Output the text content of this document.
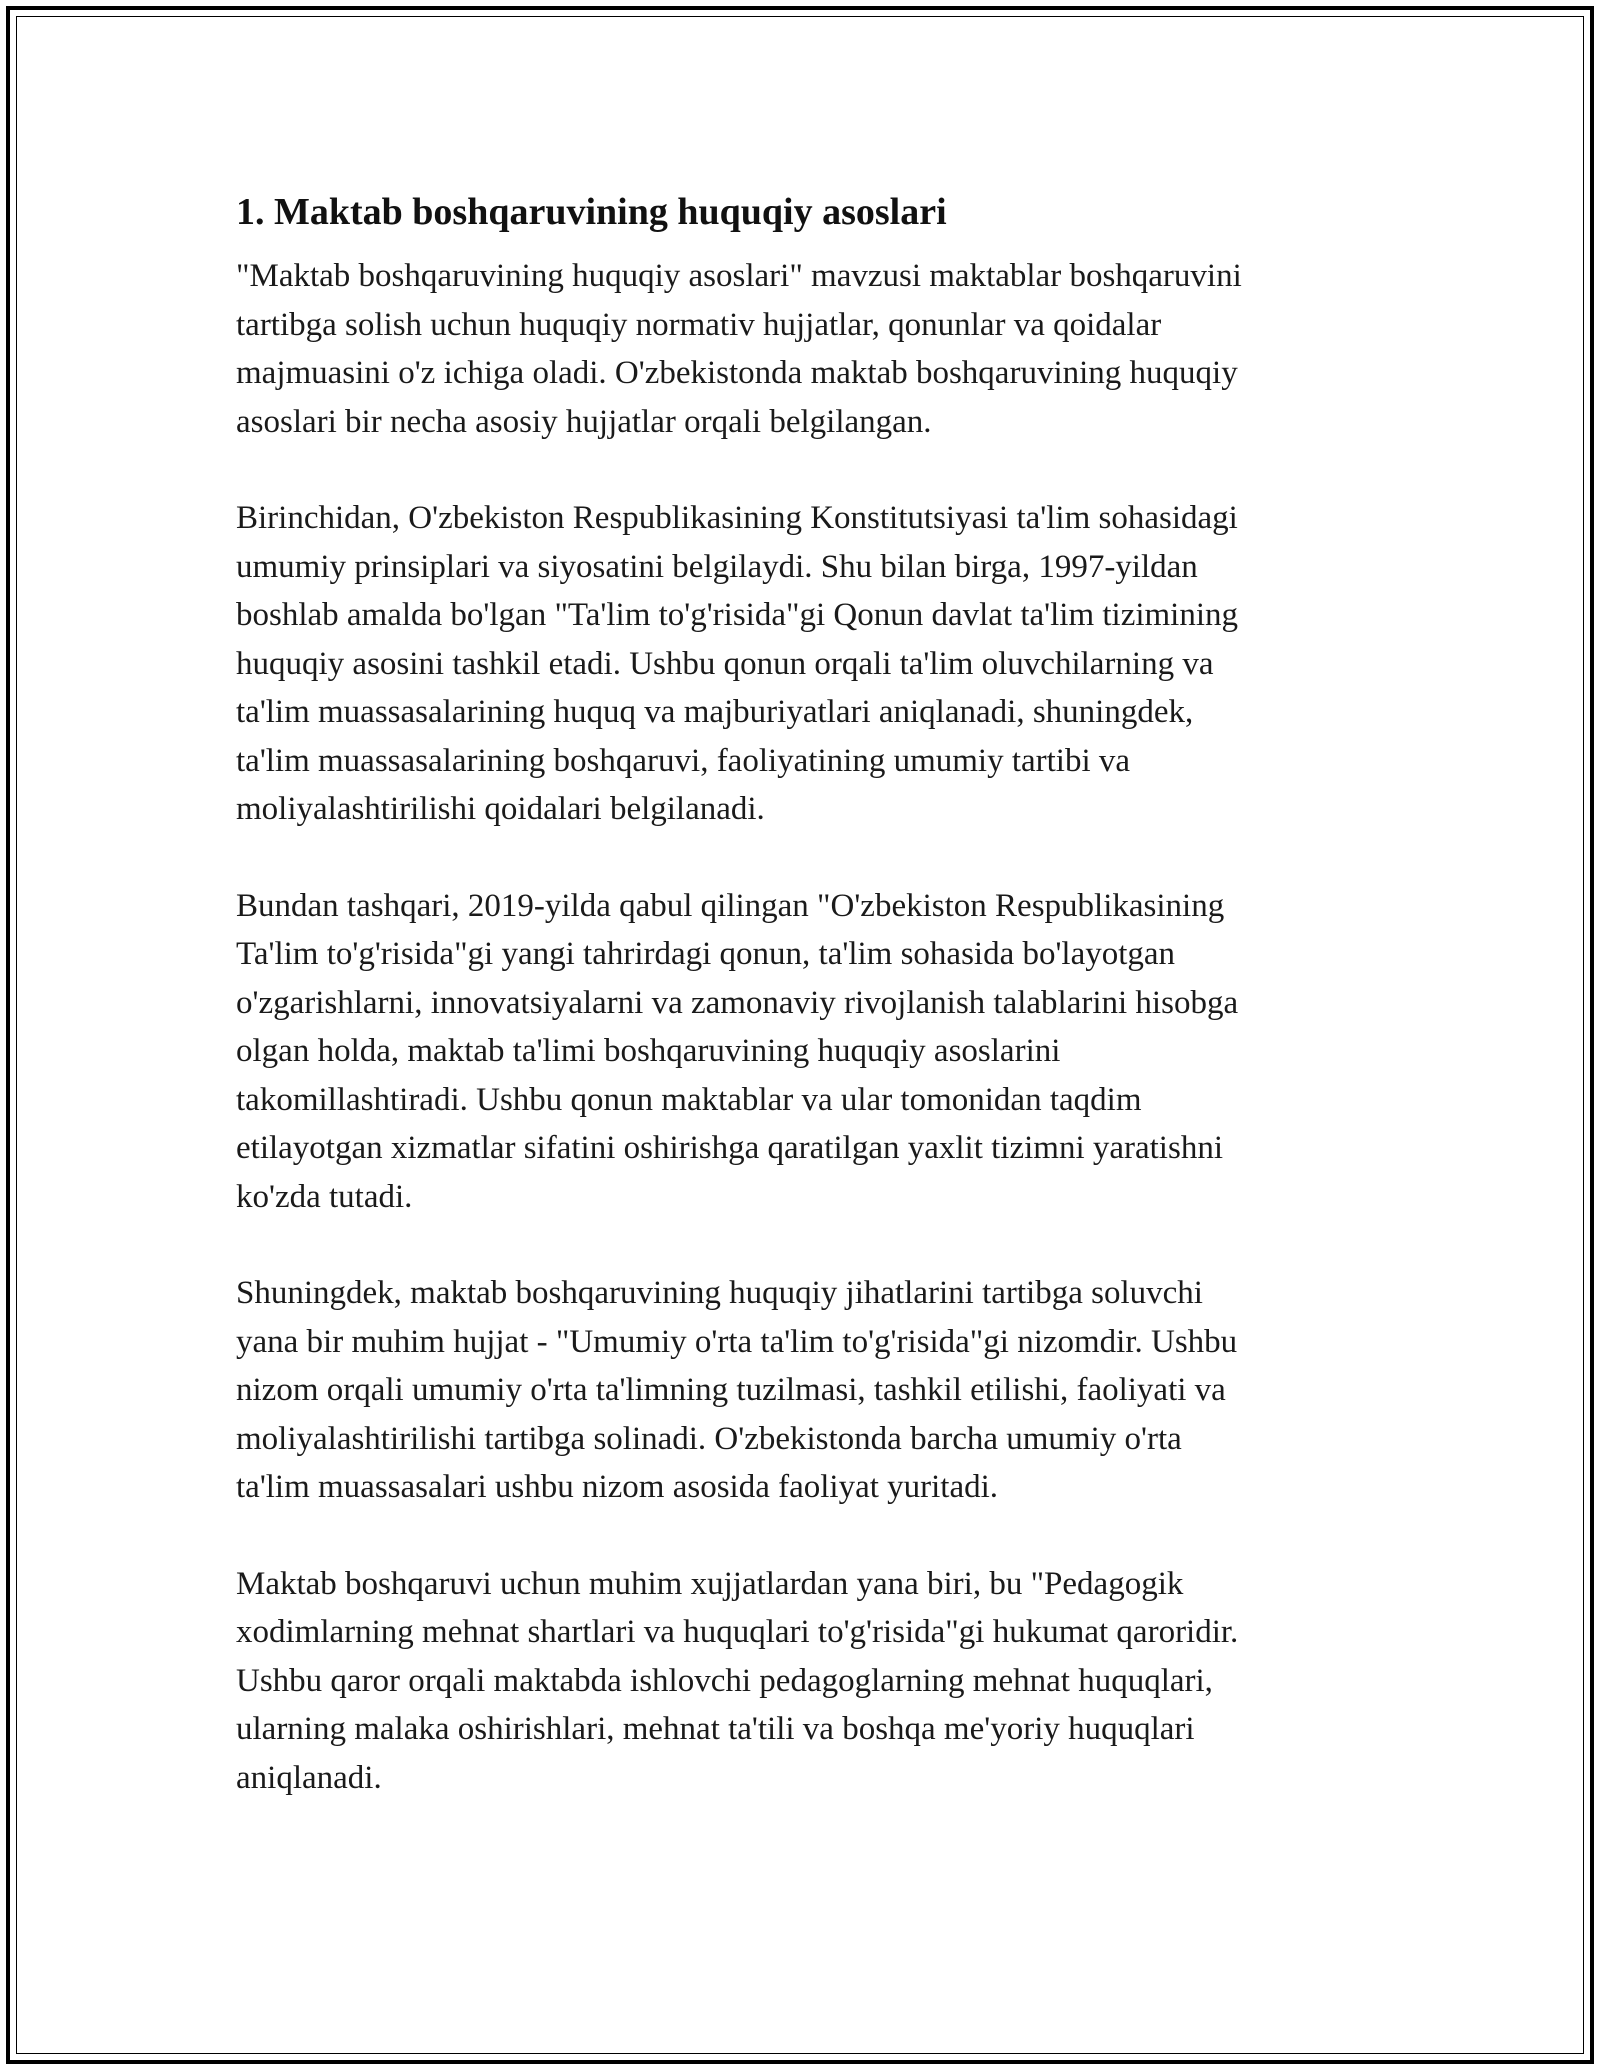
1. Maktab boshqaruvining huquqiy asoslari

"Maktab boshqaruvining huquqiy asoslari" mavzusi maktablar boshqaruvini
tartibga solish uchun huquqiy normativ hujjatlar, qonunlar va qoidalar
majmuasini o'z ichiga oladi. O'zbekistonda maktab boshqaruvining huquqiy
asoslari bir necha asosiy hujjatlar orqali belgilangan.

Birinchidan, O'zbekiston Respublikasining Konstitutsiyasi ta'lim sohasidagi
umumiy prinsiplari va siyosatini belgilaydi. Shu bilan birga, 1997-yildan
boshlab amalda bo'lgan "Ta'lim to'g'risida"gi Qonun davlat ta'lim tizimining
huquqiy asosini tashkil etadi. Ushbu qonun orqali ta'lim oluvchilarning va
ta'lim muassasalarining huquq va majburiyatlari aniqlanadi, shuningdek,
ta'lim muassasalarining boshqaruvi, faoliyatining umumiy tartibi va
moliyalashtirilishi qoidalari belgilanadi.

Bundan tashqari, 2019-yilda qabul qilingan "O'zbekiston Respublikasining
Ta'lim to'g'risida"gi yangi tahrirdagi qonun, ta'lim sohasida bo'layotgan
o'zgarishlarni, innovatsiyalarni va zamonaviy rivojlanish talablarini hisobga
olgan holda, maktab ta'limi boshqaruvining huquqiy asoslarini
takomillashtiradi. Ushbu qonun maktablar va ular tomonidan taqdim
etilayotgan xizmatlar sifatini oshirishga qaratilgan yaxlit tizimni yaratishni
ko'zda tutadi.

Shuningdek, maktab boshqaruvining huquqiy jihatlarini tartibga soluvchi
yana bir muhim hujjat - "Umumiy o'rta ta'lim to'g'risida"gi nizomdir. Ushbu
nizom orqali umumiy o'rta ta'limning tuzilmasi, tashkil etilishi, faoliyati va
moliyalashtirilishi tartibga solinadi. O'zbekistonda barcha umumiy o'rta
ta'lim muassasalari ushbu nizom asosida faoliyat yuritadi.

Maktab boshqaruvi uchun muhim xujjatlardan yana biri, bu "Pedagogik
xodimlarning mehnat shartlari va huquqlari to'g'risida"gi hukumat qaroridir.
Ushbu qaror orqali maktabda ishlovchi pedagoglarning mehnat huquqlari,
ularning malaka oshirishlari, mehnat ta'tili va boshqa me'yoriy huquqlari
aniqlanadi.
